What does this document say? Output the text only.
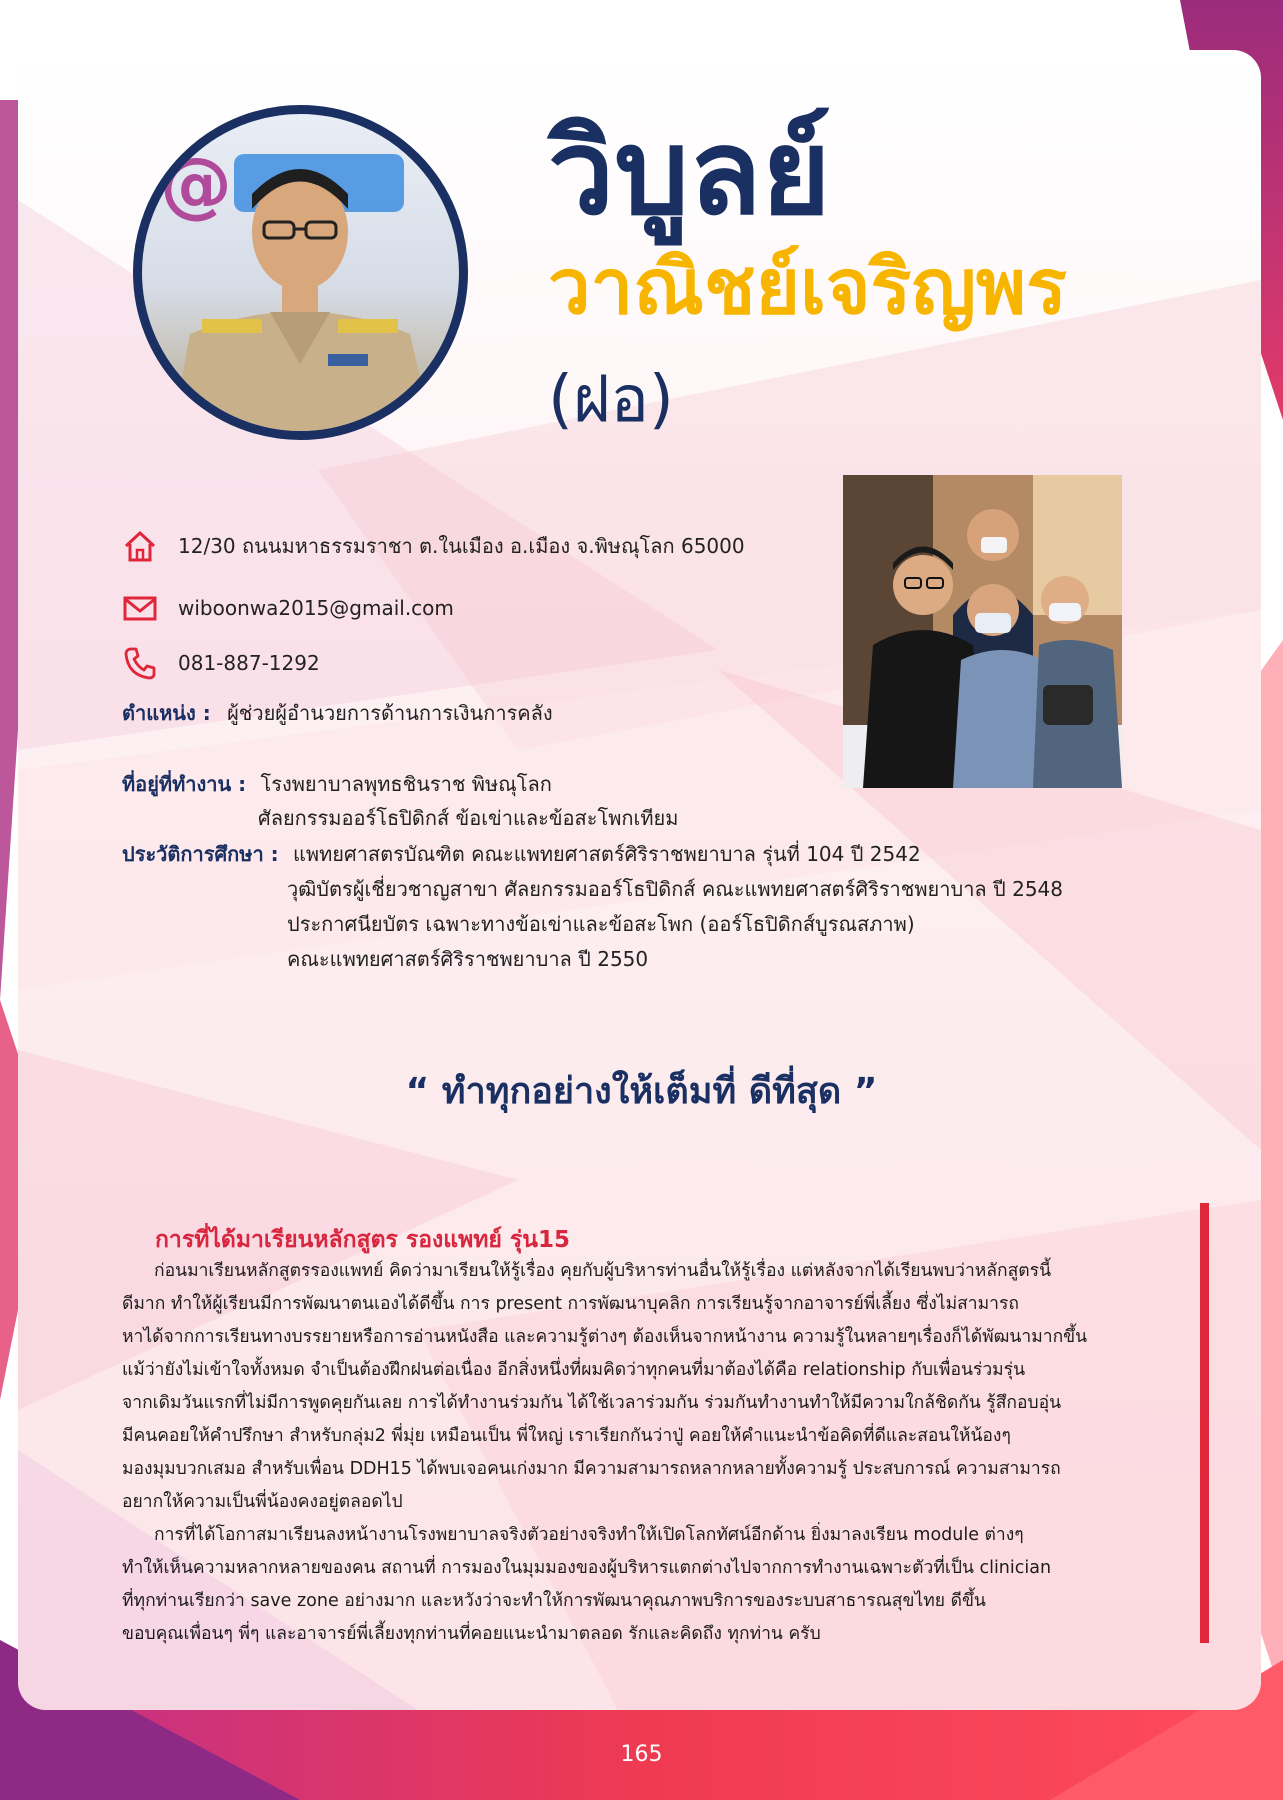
@	วิบูลย์
วาณิชย์เจริญพร
(ฝอ)
12/30 ถนนมหาธรรมราชา ต.ในเมือง อ.เมือง จ.พิษณุโลก 65000
wiboonwa2015@gmail.com
081-887-1292
ตำแหน่ง : ผู้ช่วยผู้อำนวยการด้านการเงินการคลัง
ที่อยู่ที่ทำงาน : โรงพยาบาลพุทธชินราช พิษณุโลก
ศัลยกรรมออร์โธปิดิกส์ ข้อเข่าและข้อสะโพกเทียม
ประวัติการศึกษา : แพทยศาสตรบัณฑิต คณะแพทยศาสตร์ศิริราชพยาบาล รุ่นที่ 104 ปี 2542
วุฒิบัตรผู้เชี่ยวชาญสาขา ศัลยกรรมออร์โธปิดิกส์ คณะแพทยศาสตร์ศิริราชพยาบาล ปี 2548
ประกาศนียบัตร เฉพาะทางข้อเข่าและข้อสะโพก (ออร์โธปิดิกส์บูรณสภาพ)
คณะแพทยศาสตร์ศิริราชพยาบาล ปี 2550
“ ทำทุกอย่างให้เต็มที่ ดีที่สุด ”
การที่ได้มาเรียนหลักสูตร รองแพทย์ รุ่น15
ก่อนมาเรียนหลักสูตรรองแพทย์ คิดว่ามาเรียนให้รู้เรื่อง คุยกับผู้บริหารท่านอื่นให้รู้เรื่อง แต่หลังจากได้เรียนพบว่าหลักสูตรนี้
ดีมาก ทำให้ผู้เรียนมีการพัฒนาตนเองได้ดีขึ้น การ present การพัฒนาบุคลิก การเรียนรู้จากอาจารย์พี่เลี้ยง ซึ่งไม่สามารถ
หาได้จากการเรียนทางบรรยายหรือการอ่านหนังสือ และความรู้ต่างๆ ต้องเห็นจากหน้างาน ความรู้ในหลายๆเรื่องก็ได้พัฒนามากขึ้น
แม้ว่ายังไม่เข้าใจทั้งหมด จำเป็นต้องฝึกฝนต่อเนื่อง อีกสิ่งหนึ่งที่ผมคิดว่าทุกคนที่มาต้องได้คือ relationship กับเพื่อนร่วมรุ่น
จากเดิมวันแรกที่ไม่มีการพูดคุยกันเลย การได้ทำงานร่วมกัน ได้ใช้เวลาร่วมกัน ร่วมกันทำงานทำให้มีความใกล้ชิดกัน รู้สึกอบอุ่น
มีคนคอยให้คำปรึกษา สำหรับกลุ่ม2 พี่มุ่ย เหมือนเป็น พี่ใหญ่ เราเรียกกันว่าปู่ คอยให้คำแนะนำข้อคิดที่ดีและสอนให้น้องๆ
มองมุมบวกเสมอ สำหรับเพื่อน DDH15 ได้พบเจอคนเก่งมาก มีความสามารถหลากหลายทั้งความรู้ ประสบการณ์ ความสามารถ
อยากให้ความเป็นพี่น้องคงอยู่ตลอดไป
การที่ได้โอกาสมาเรียนลงหน้างานโรงพยาบาลจริงตัวอย่างจริงทำให้เปิดโลกทัศน์อีกด้าน ยิ่งมาลงเรียน module ต่างๆ
ทำให้เห็นความหลากหลายของคน สถานที่ การมองในมุมมองของผู้บริหารแตกต่างไปจากการทำงานเฉพาะตัวที่เป็น clinician
ที่ทุกท่านเรียกว่า save zone อย่างมาก และหวังว่าจะทำให้การพัฒนาคุณภาพบริการของระบบสาธารณสุขไทย ดีขึ้น
ขอบคุณเพื่อนๆ พี่ๆ และอาจารย์พี่เลี้ยงทุกท่านที่คอยแนะนำมาตลอด รักและคิดถึง ทุกท่าน ครับ
165
